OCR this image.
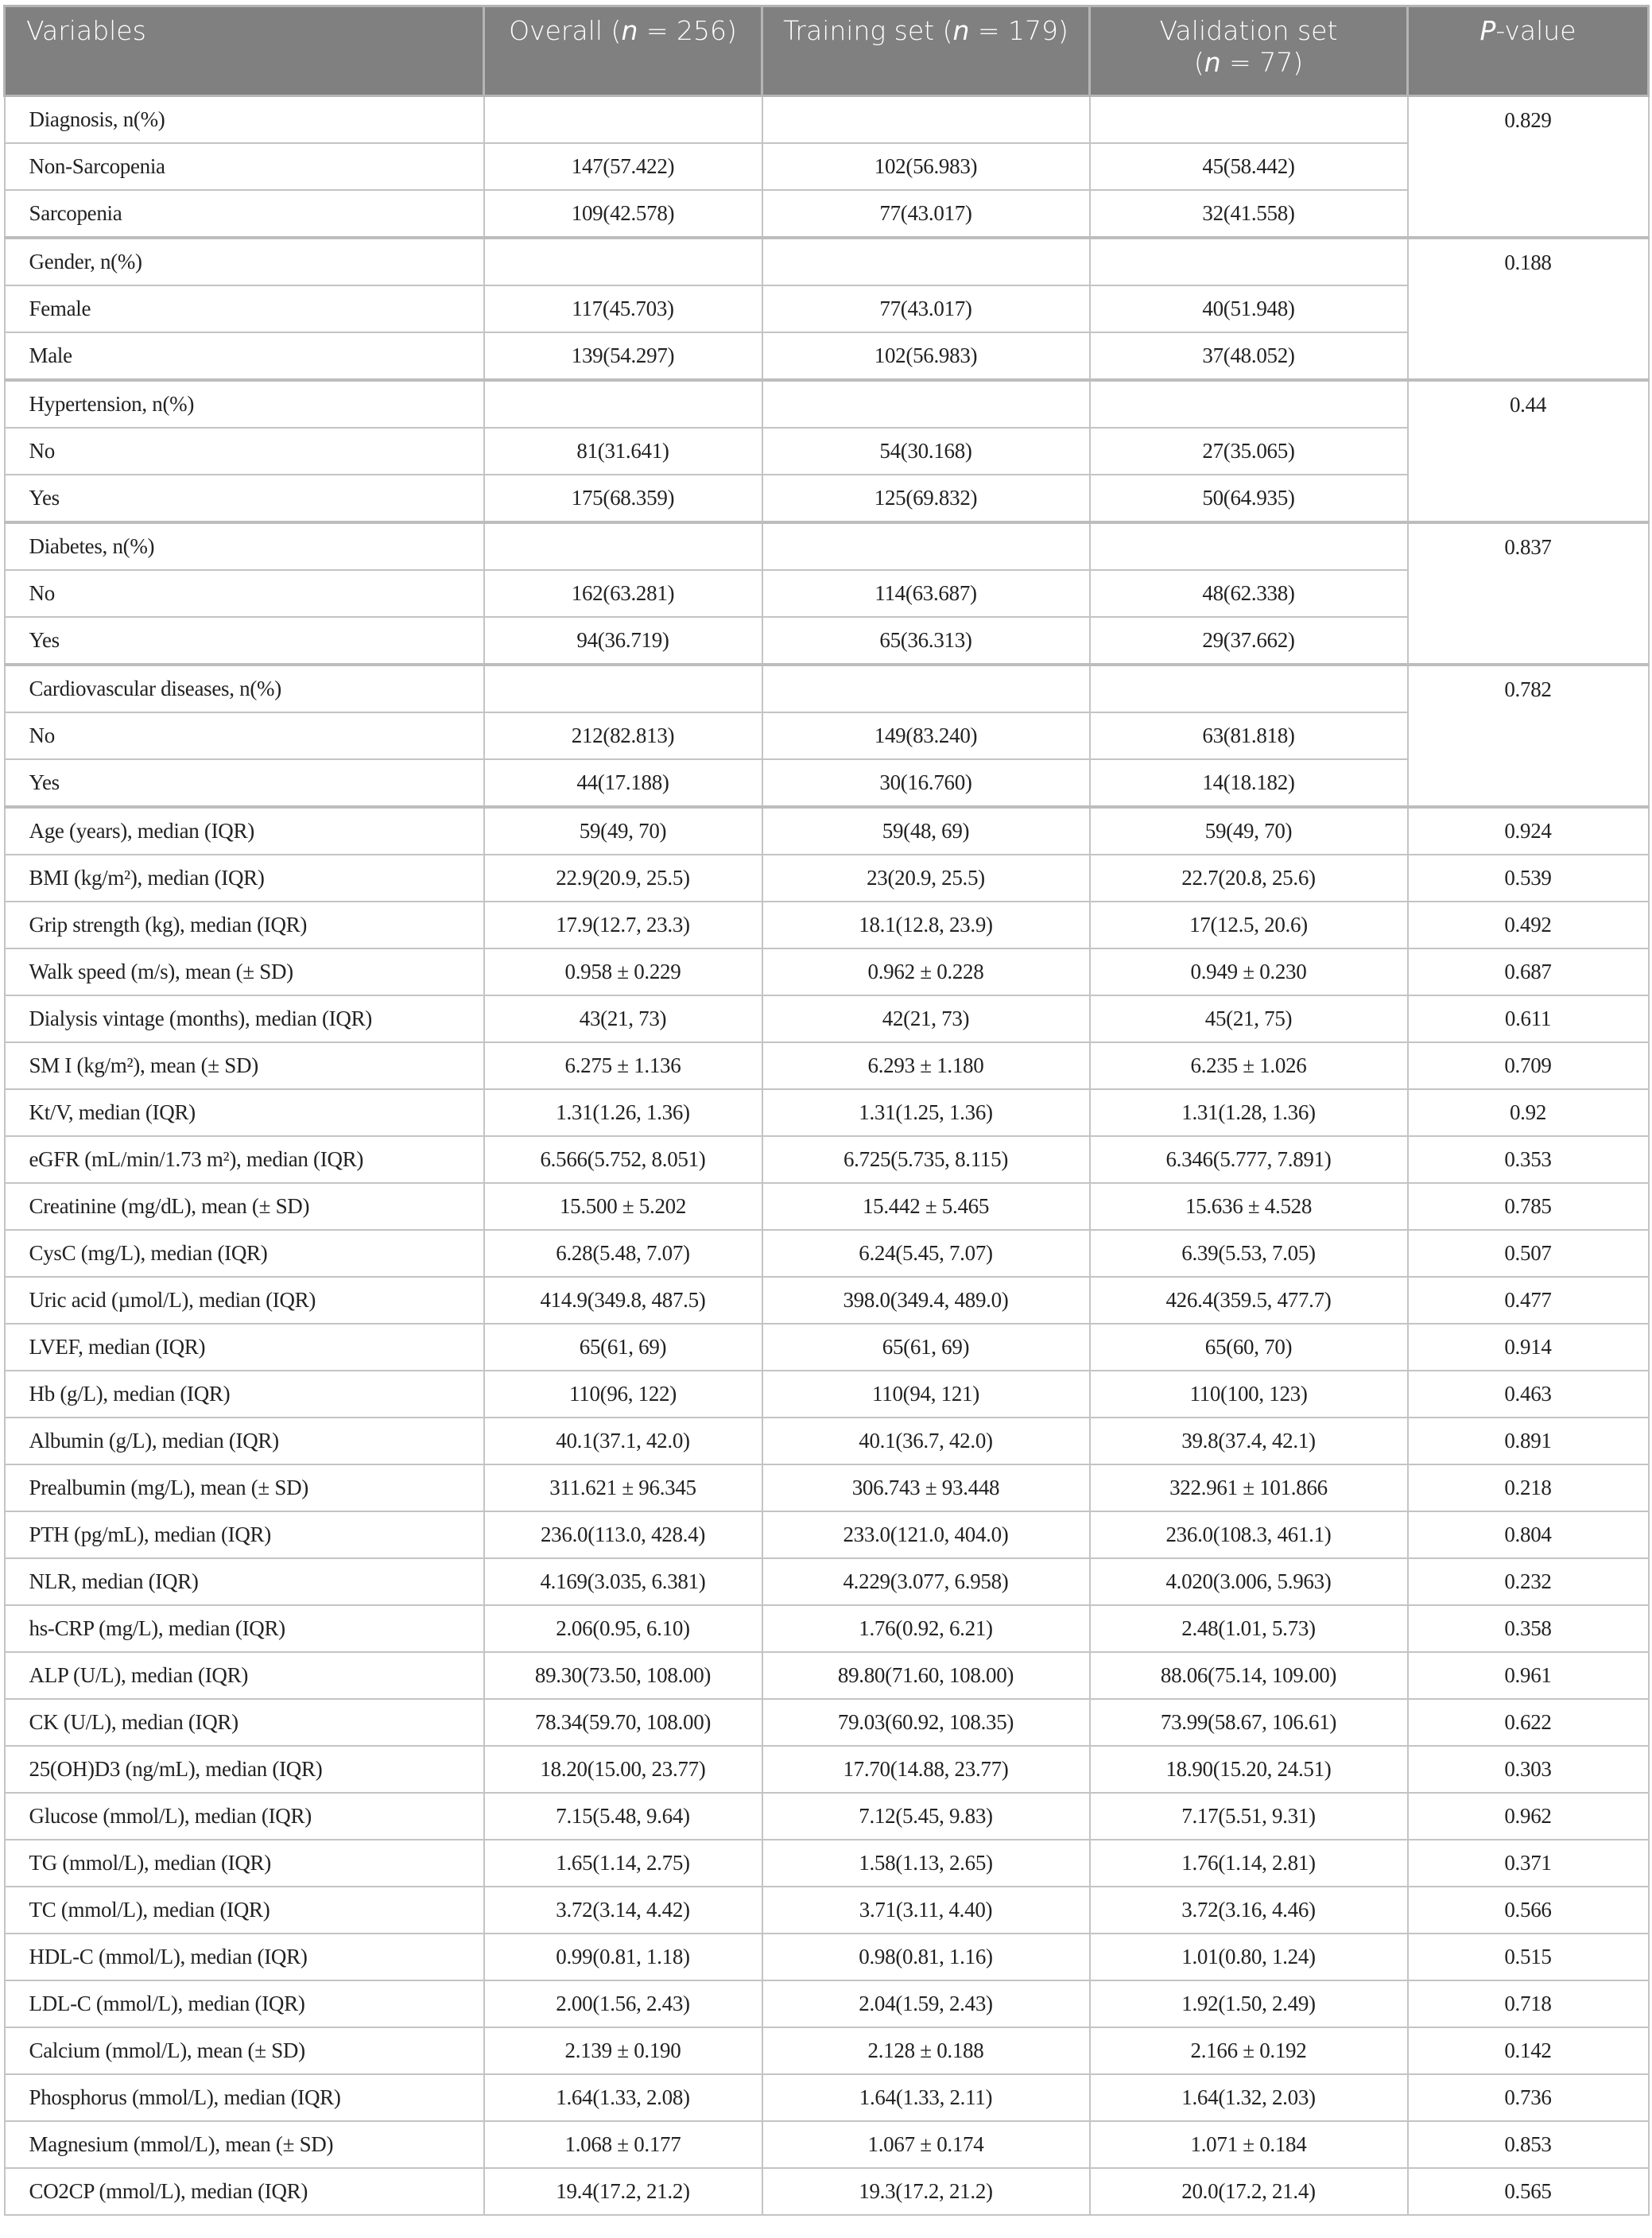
Variables	Overall (n = 256)	Training set (n = 179)	Validation set
(n = 77)	P-value
Diagnosis, n(%)				0.829
Non-Sarcopenia	147(57.422)	102(56.983)	45(58.442)	
Sarcopenia	109(42.578)	77(43.017)	32(41.558)	
Gender, n(%)				0.188
Female	117(45.703)	77(43.017)	40(51.948)	
Male	139(54.297)	102(56.983)	37(48.052)	
Hypertension, n(%)				0.44
No	81(31.641)	54(30.168)	27(35.065)	
Yes	175(68.359)	125(69.832)	50(64.935)	
Diabetes, n(%)				0.837
No	162(63.281)	114(63.687)	48(62.338)	
Yes	94(36.719)	65(36.313)	29(37.662)	
Cardiovascular diseases, n(%)				0.782
No	212(82.813)	149(83.240)	63(81.818)	
Yes	44(17.188)	30(16.760)	14(18.182)	
Age (years), median (IQR)	59(49, 70)	59(48, 69)	59(49, 70)	0.924
BMI (kg/m²), median (IQR)	22.9(20.9, 25.5)	23(20.9, 25.5)	22.7(20.8, 25.6)	0.539
Grip strength (kg), median (IQR)	17.9(12.7, 23.3)	18.1(12.8, 23.9)	17(12.5, 20.6)	0.492
Walk speed (m/s), mean (± SD)	0.958 ± 0.229	0.962 ± 0.228	0.949 ± 0.230	0.687
Dialysis vintage (months), median (IQR)	43(21, 73)	42(21, 73)	45(21, 75)	0.611
SM I (kg/m²), mean (± SD)	6.275 ± 1.136	6.293 ± 1.180	6.235 ± 1.026	0.709
Kt/V, median (IQR)	1.31(1.26, 1.36)	1.31(1.25, 1.36)	1.31(1.28, 1.36)	0.92
eGFR (mL/min/1.73 m²), median (IQR)	6.566(5.752, 8.051)	6.725(5.735, 8.115)	6.346(5.777, 7.891)	0.353
Creatinine (mg/dL), mean (± SD)	15.500 ± 5.202	15.442 ± 5.465	15.636 ± 4.528	0.785
CysC (mg/L), median (IQR)	6.28(5.48, 7.07)	6.24(5.45, 7.07)	6.39(5.53, 7.05)	0.507
Uric acid (µmol/L), median (IQR)	414.9(349.8, 487.5)	398.0(349.4, 489.0)	426.4(359.5, 477.7)	0.477
LVEF, median (IQR)	65(61, 69)	65(61, 69)	65(60, 70)	0.914
Hb (g/L), median (IQR)	110(96, 122)	110(94, 121)	110(100, 123)	0.463
Albumin (g/L), median (IQR)	40.1(37.1, 42.0)	40.1(36.7, 42.0)	39.8(37.4, 42.1)	0.891
Prealbumin (mg/L), mean (± SD)	311.621 ± 96.345	306.743 ± 93.448	322.961 ± 101.866	0.218
PTH (pg/mL), median (IQR)	236.0(113.0, 428.4)	233.0(121.0, 404.0)	236.0(108.3, 461.1)	0.804
NLR, median (IQR)	4.169(3.035, 6.381)	4.229(3.077, 6.958)	4.020(3.006, 5.963)	0.232
hs-CRP (mg/L), median (IQR)	2.06(0.95, 6.10)	1.76(0.92, 6.21)	2.48(1.01, 5.73)	0.358
ALP (U/L), median (IQR)	89.30(73.50, 108.00)	89.80(71.60, 108.00)	88.06(75.14, 109.00)	0.961
CK (U/L), median (IQR)	78.34(59.70, 108.00)	79.03(60.92, 108.35)	73.99(58.67, 106.61)	0.622
25(OH)D3 (ng/mL), median (IQR)	18.20(15.00, 23.77)	17.70(14.88, 23.77)	18.90(15.20, 24.51)	0.303
Glucose (mmol/L), median (IQR)	7.15(5.48, 9.64)	7.12(5.45, 9.83)	7.17(5.51, 9.31)	0.962
TG (mmol/L), median (IQR)	1.65(1.14, 2.75)	1.58(1.13, 2.65)	1.76(1.14, 2.81)	0.371
TC (mmol/L), median (IQR)	3.72(3.14, 4.42)	3.71(3.11, 4.40)	3.72(3.16, 4.46)	0.566
HDL-C (mmol/L), median (IQR)	0.99(0.81, 1.18)	0.98(0.81, 1.16)	1.01(0.80, 1.24)	0.515
LDL-C (mmol/L), median (IQR)	2.00(1.56, 2.43)	2.04(1.59, 2.43)	1.92(1.50, 2.49)	0.718
Calcium (mmol/L), mean (± SD)	2.139 ± 0.190	2.128 ± 0.188	2.166 ± 0.192	0.142
Phosphorus (mmol/L), median (IQR)	1.64(1.33, 2.08)	1.64(1.33, 2.11)	1.64(1.32, 2.03)	0.736
Magnesium (mmol/L), mean (± SD)	1.068 ± 0.177	1.067 ± 0.174	1.071 ± 0.184	0.853
CO2CP (mmol/L), median (IQR)	19.4(17.2, 21.2)	19.3(17.2, 21.2)	20.0(17.2, 21.4)	0.565
